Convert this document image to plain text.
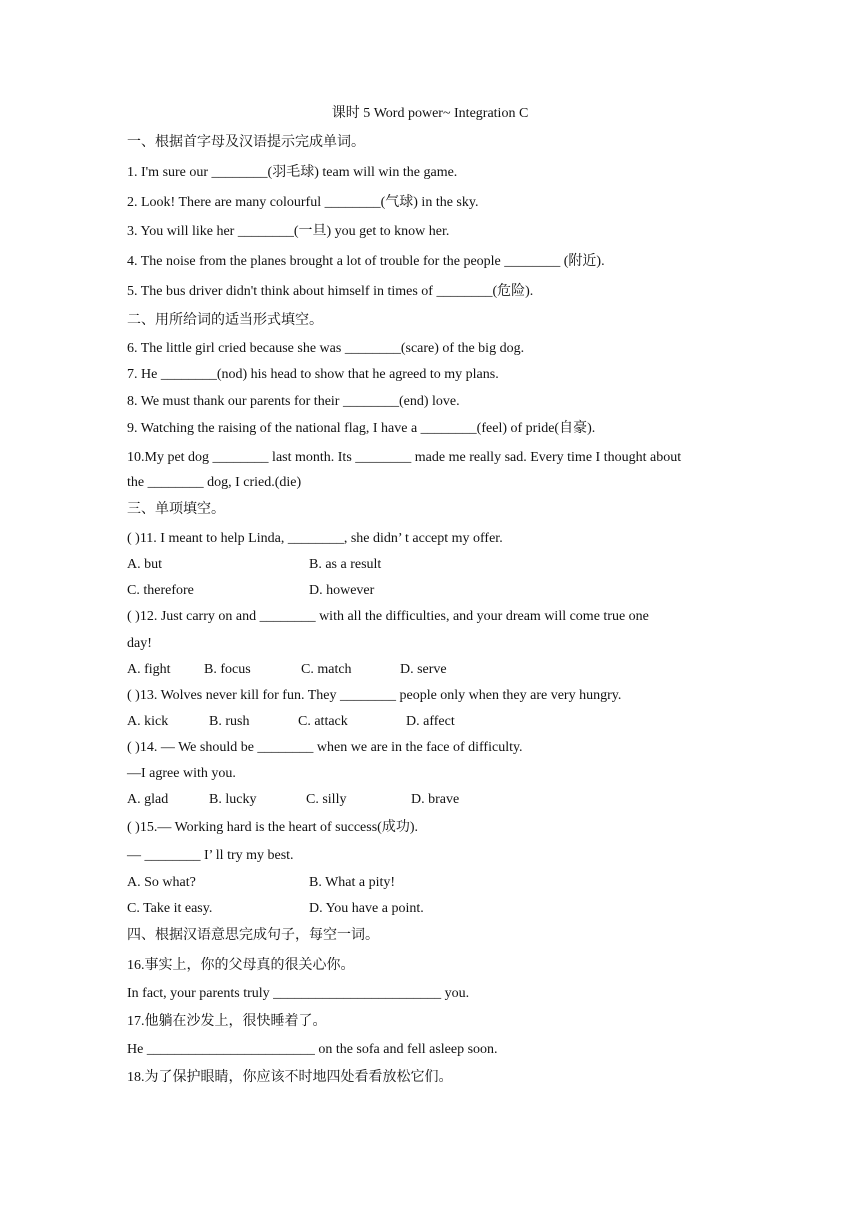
课时 5 Word power~ Integration C
一、根据首字母及汉语提示完成单词。
1. I'm sure our ________(羽毛球) team will win the game.
2. Look! There are many colourful ________(气球) in the sky.
3. You will like her ________(一旦) you get to know her.
4. The noise from the planes brought a lot of trouble for the people ________ (附近).
5. The bus driver didn't think about himself in times of ________(危险).
二、用所给词的适当形式填空。
6. The little girl cried because she was ________(scare) of the big dog.
7. He ________(nod) his head to show that he agreed to my plans.
8. We must thank our parents for their ________(end) love.
9. Watching the raising of the national flag, I have a ________(feel) of pride(自豪).
10.My pet dog ________ last month. Its ________ made me really sad. Every time I thought about
the ________ dog, I cried.(die)
三、单项填空。
( )11. I meant to help Linda, ________, she didn’ t accept my offer.
A. but	B. as a result
C. therefore	D. however
( )12. Just carry on and ________ with all the difficulties, and your dream will come true one
day!
A. fight B. focus	C. match	D. serve
( )13. Wolves never kill for fun. They ________ people only when they are very hungry.
A. kick	B. rush	C. attack	D. affect
( )14. — We should be ________ when we are in the face of difficulty.
—I agree with you.
A. glad	B. lucky	C. silly	D. brave
( )15.— Working hard is the heart of success(成功).
— ________ I’ ll try my best.
A. So what?	B. What a pity!
C. Take it easy.	D. You have a point.
四、根据汉语意思完成句子，每空一词。
16.事实上，你的父母真的很关心你。
In fact, your parents truly ________________________ you.
17.他躺在沙发上，很快睡着了。
He ________________________ on the sofa and fell asleep soon.
18.为了保护眼睛，你应该不时地四处看看放松它们。
